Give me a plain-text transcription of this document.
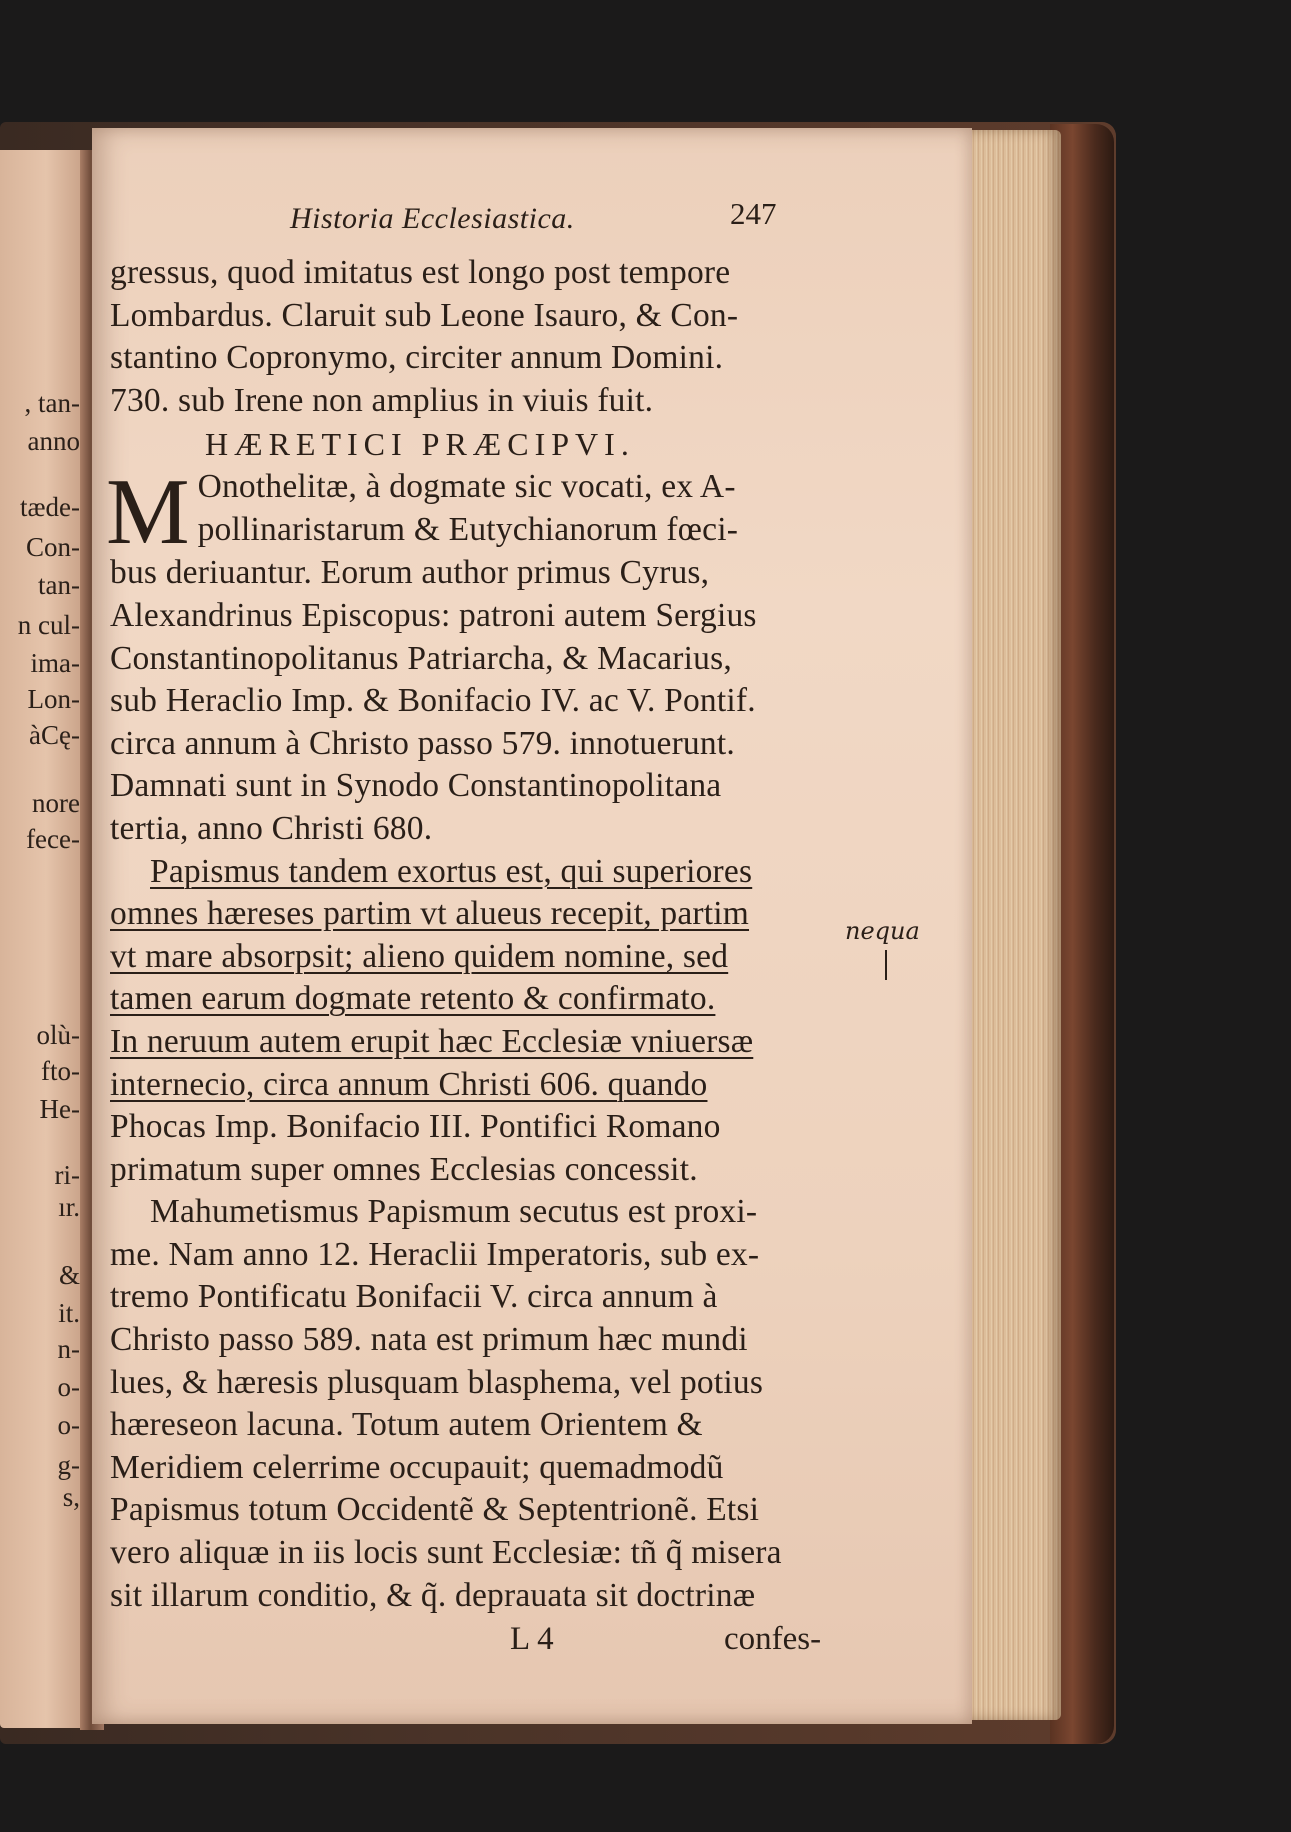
, tan-
anno
tæde-
Con-
tan-
n cul-
ima-
Lon-
àCę-
nore
fece-
olù-
fto-
He-
ri-
ır.
&
it.
n-
o-
o-
g-
s,
Historia Ecclesiastica.	247
gressus, quod imitatus est longo post tempore
Lombardus. Claruit sub Leone Isauro, & Con-
stantino Copronymo, circiter annum Domini.
730. sub Irene non amplius in viuis fuit.
HÆRETICI PRÆCIPVI.
M Onothelitæ, à dogmate sic vocati, ex A-
pollinaristarum & Eutychianorum fœci-
bus deriuantur. Eorum author primus Cyrus,
Alexandrinus Episcopus: patroni autem Sergius
Constantinopolitanus Patriarcha, & Macarius,
sub Heraclio Imp. & Bonifacio IV. ac V. Pontif.
circa annum à Christo passo 579. innotuerunt.
Damnati sunt in Synodo Constantinopolitana
tertia, anno Christi 680.
Papismus tandem exortus est, qui superiores
omnes hæreses partim vt alueus recepit, partim
vt mare absorpsit; alieno quidem nomine, sed
tamen earum dogmate retento & confirmato.
In neruum autem erupit hæc Ecclesiæ vniuersæ
internecio, circa annum Christi 606. quando
Phocas Imp. Bonifacio III. Pontifici Romano
primatum super omnes Ecclesias concessit.
Mahumetismus Papismum secutus est proxi-
me. Nam anno 12. Heraclii Imperatoris, sub ex-
tremo Pontificatu Bonifacii V. circa annum à
Christo passo 589. nata est primum hæc mundi
lues, & hæresis plusquam blasphema, vel potius
hæreseon lacuna. Totum autem Orientem &
Meridiem celerrime occupauit; quemadmodũ
Papismus totum Occidentẽ & Septentrionẽ. Etsi
vero aliquæ in iis locis sunt Ecclesiæ: tñ q̃ misera
sit illarum conditio, & q̃. deprauata sit doctrinæ
L 4	confes-
nequa
